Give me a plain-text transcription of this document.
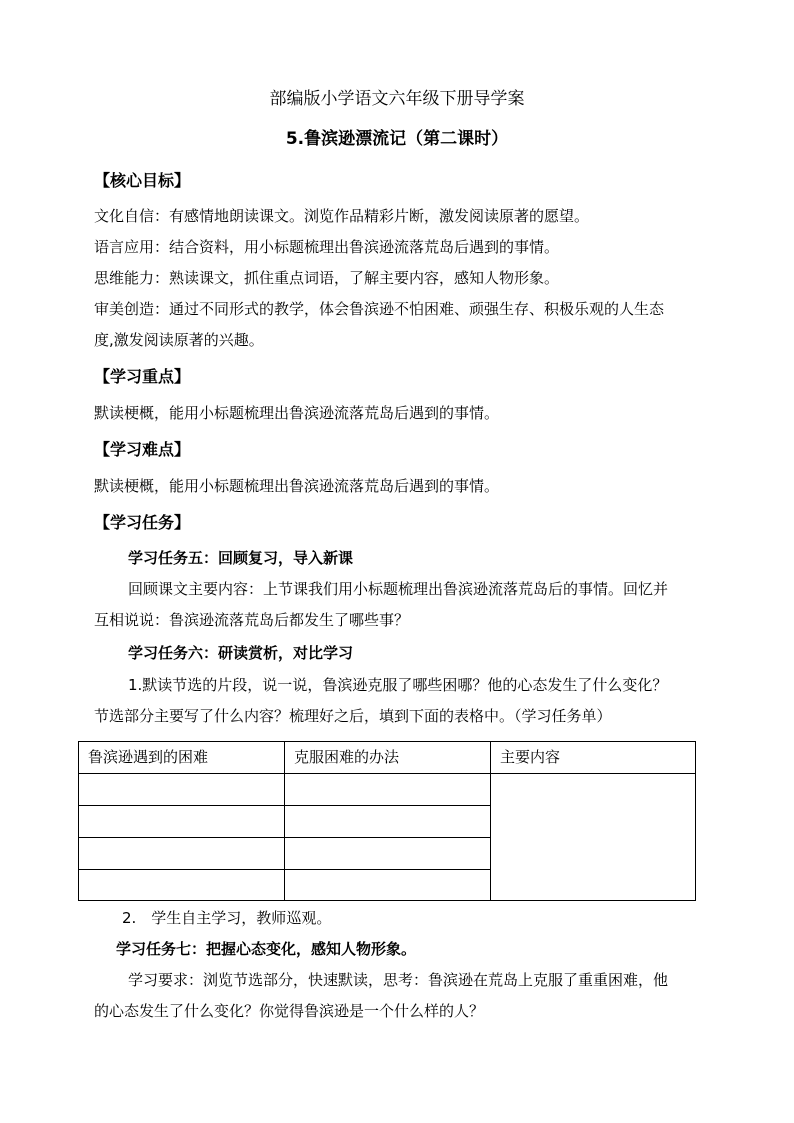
部编版小学语文六年级下册导学案
5.鲁滨逊漂流记（第二课时）
【核心目标】
文化自信：有感情地朗读课文。浏览作品精彩片断，激发阅读原著的愿望。
语言应用：结合资料，用小标题梳理出鲁滨逊流落荒岛后遇到的事情。
思维能力：熟读课文，抓住重点词语，了解主要内容，感知人物形象。
审美创造：通过不同形式的教学，体会鲁滨逊不怕困难、顽强生存、积极乐观的人生态
度,激发阅读原著的兴趣。
【学习重点】
默读梗概，能用小标题梳理出鲁滨逊流落荒岛后遇到的事情。
【学习难点】
默读梗概，能用小标题梳理出鲁滨逊流落荒岛后遇到的事情。
【学习任务】
学习任务五：回顾复习，导入新课
回顾课文主要内容：上节课我们用小标题梳理出鲁滨逊流落荒岛后的事情。回忆并
互相说说：鲁滨逊流落荒岛后都发生了哪些事？
学习任务六：研读赏析，对比学习
1.默读节选的片段，说一说，鲁滨逊克服了哪些困哪？他的心态发生了什么变化？
节选部分主要写了什么内容？梳理好之后，填到下面的表格中。（学习任务单）
鲁滨逊遇到的困难	克服困难的办法	主要内容
2.　学生自主学习，教师巡观。
学习任务七：把握心态变化，感知人物形象。
学习要求：浏览节选部分，快速默读，思考：鲁滨逊在荒岛上克服了重重困难，他
的心态发生了什么变化？你觉得鲁滨逊是一个什么样的人？
